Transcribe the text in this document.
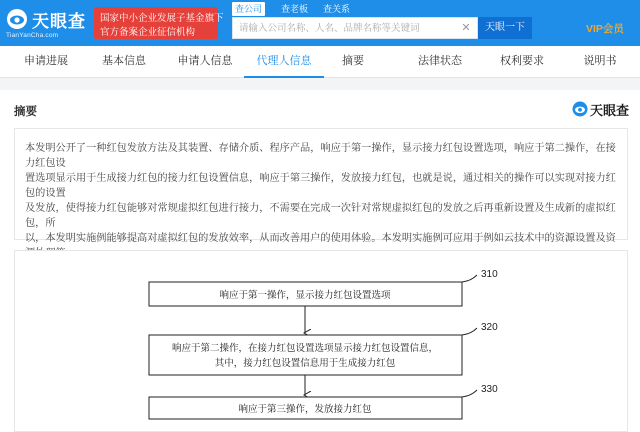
天眼查
TianYanCha.com
国家中小企业发展子基金旗下
官方备案企业征信机构
查公司	查老板	查关系
请输入公司名称、人名、品牌名称等关键词
✕	天眼一下	VIP会员
申请进展	基本信息	申请人信息	代理人信息	摘要	法律状态	权利要求	说明书
摘要	天眼查
本发明公开了一种红包发放方法及其装置、存储介质、程序产品，响应于第一操作，显示接力红包设置选项，响应于第二操作，在接力红包设
置选项显示用于生成接力红包的接力红包设置信息，响应于第三操作，发放接力红包，也就是说，通过相关的操作可以实现对接力红包的设置
及发放，使得接力红包能够对常规虚拟红包进行接力，不需要在完成一次针对常规虚拟红包的发放之后再重新设置及生成新的虚拟红包，所
以，本发明实施例能够提高对虚拟红包的发放效率，从而改善用户的使用体验。本发明实施例可应用于例如云技术中的资源设置及资
响应于第一操作，显示接力红包设置选项
310
响应于第二操作，在接力红包设置选项显示接力红包设置信息，
其中，接力红包设置信息用于生成接力红包
320
响应于第三操作，发放接力红包
330
